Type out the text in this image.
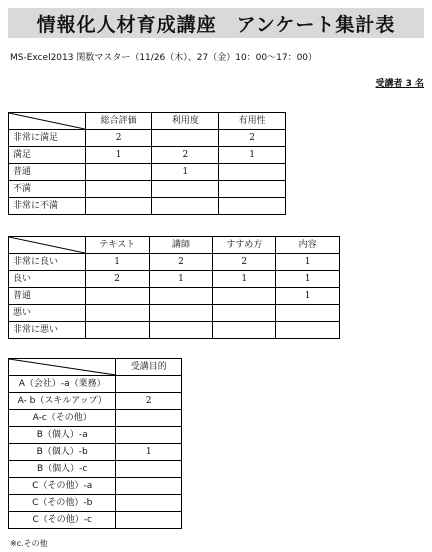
情報化人材育成講座　アンケート集計表
MS-Excel2013 関数マスター（11/26（木）、27（金）10：00～17：00）
受講者 3 名
	総合評価	利用度	有用性
非常に満足	2		2
満足	1	2	1
普通		1	
不満			
非常に不満			
	テキスト	講師	すすめ方	内容
非常に良い	1	2	2	1
良い	2	1	1	1
普通				1
悪い				
非常に悪い				
	受講目的
A（会社）-a（業務）	
A- b（スキルアップ）	2
A-c（その他）	
B（個人）-a	
B（個人）-b	1
B（個人）-c	
C（その他）-a	
C（その他）-b	
C（その他）-c	
※c.その他
